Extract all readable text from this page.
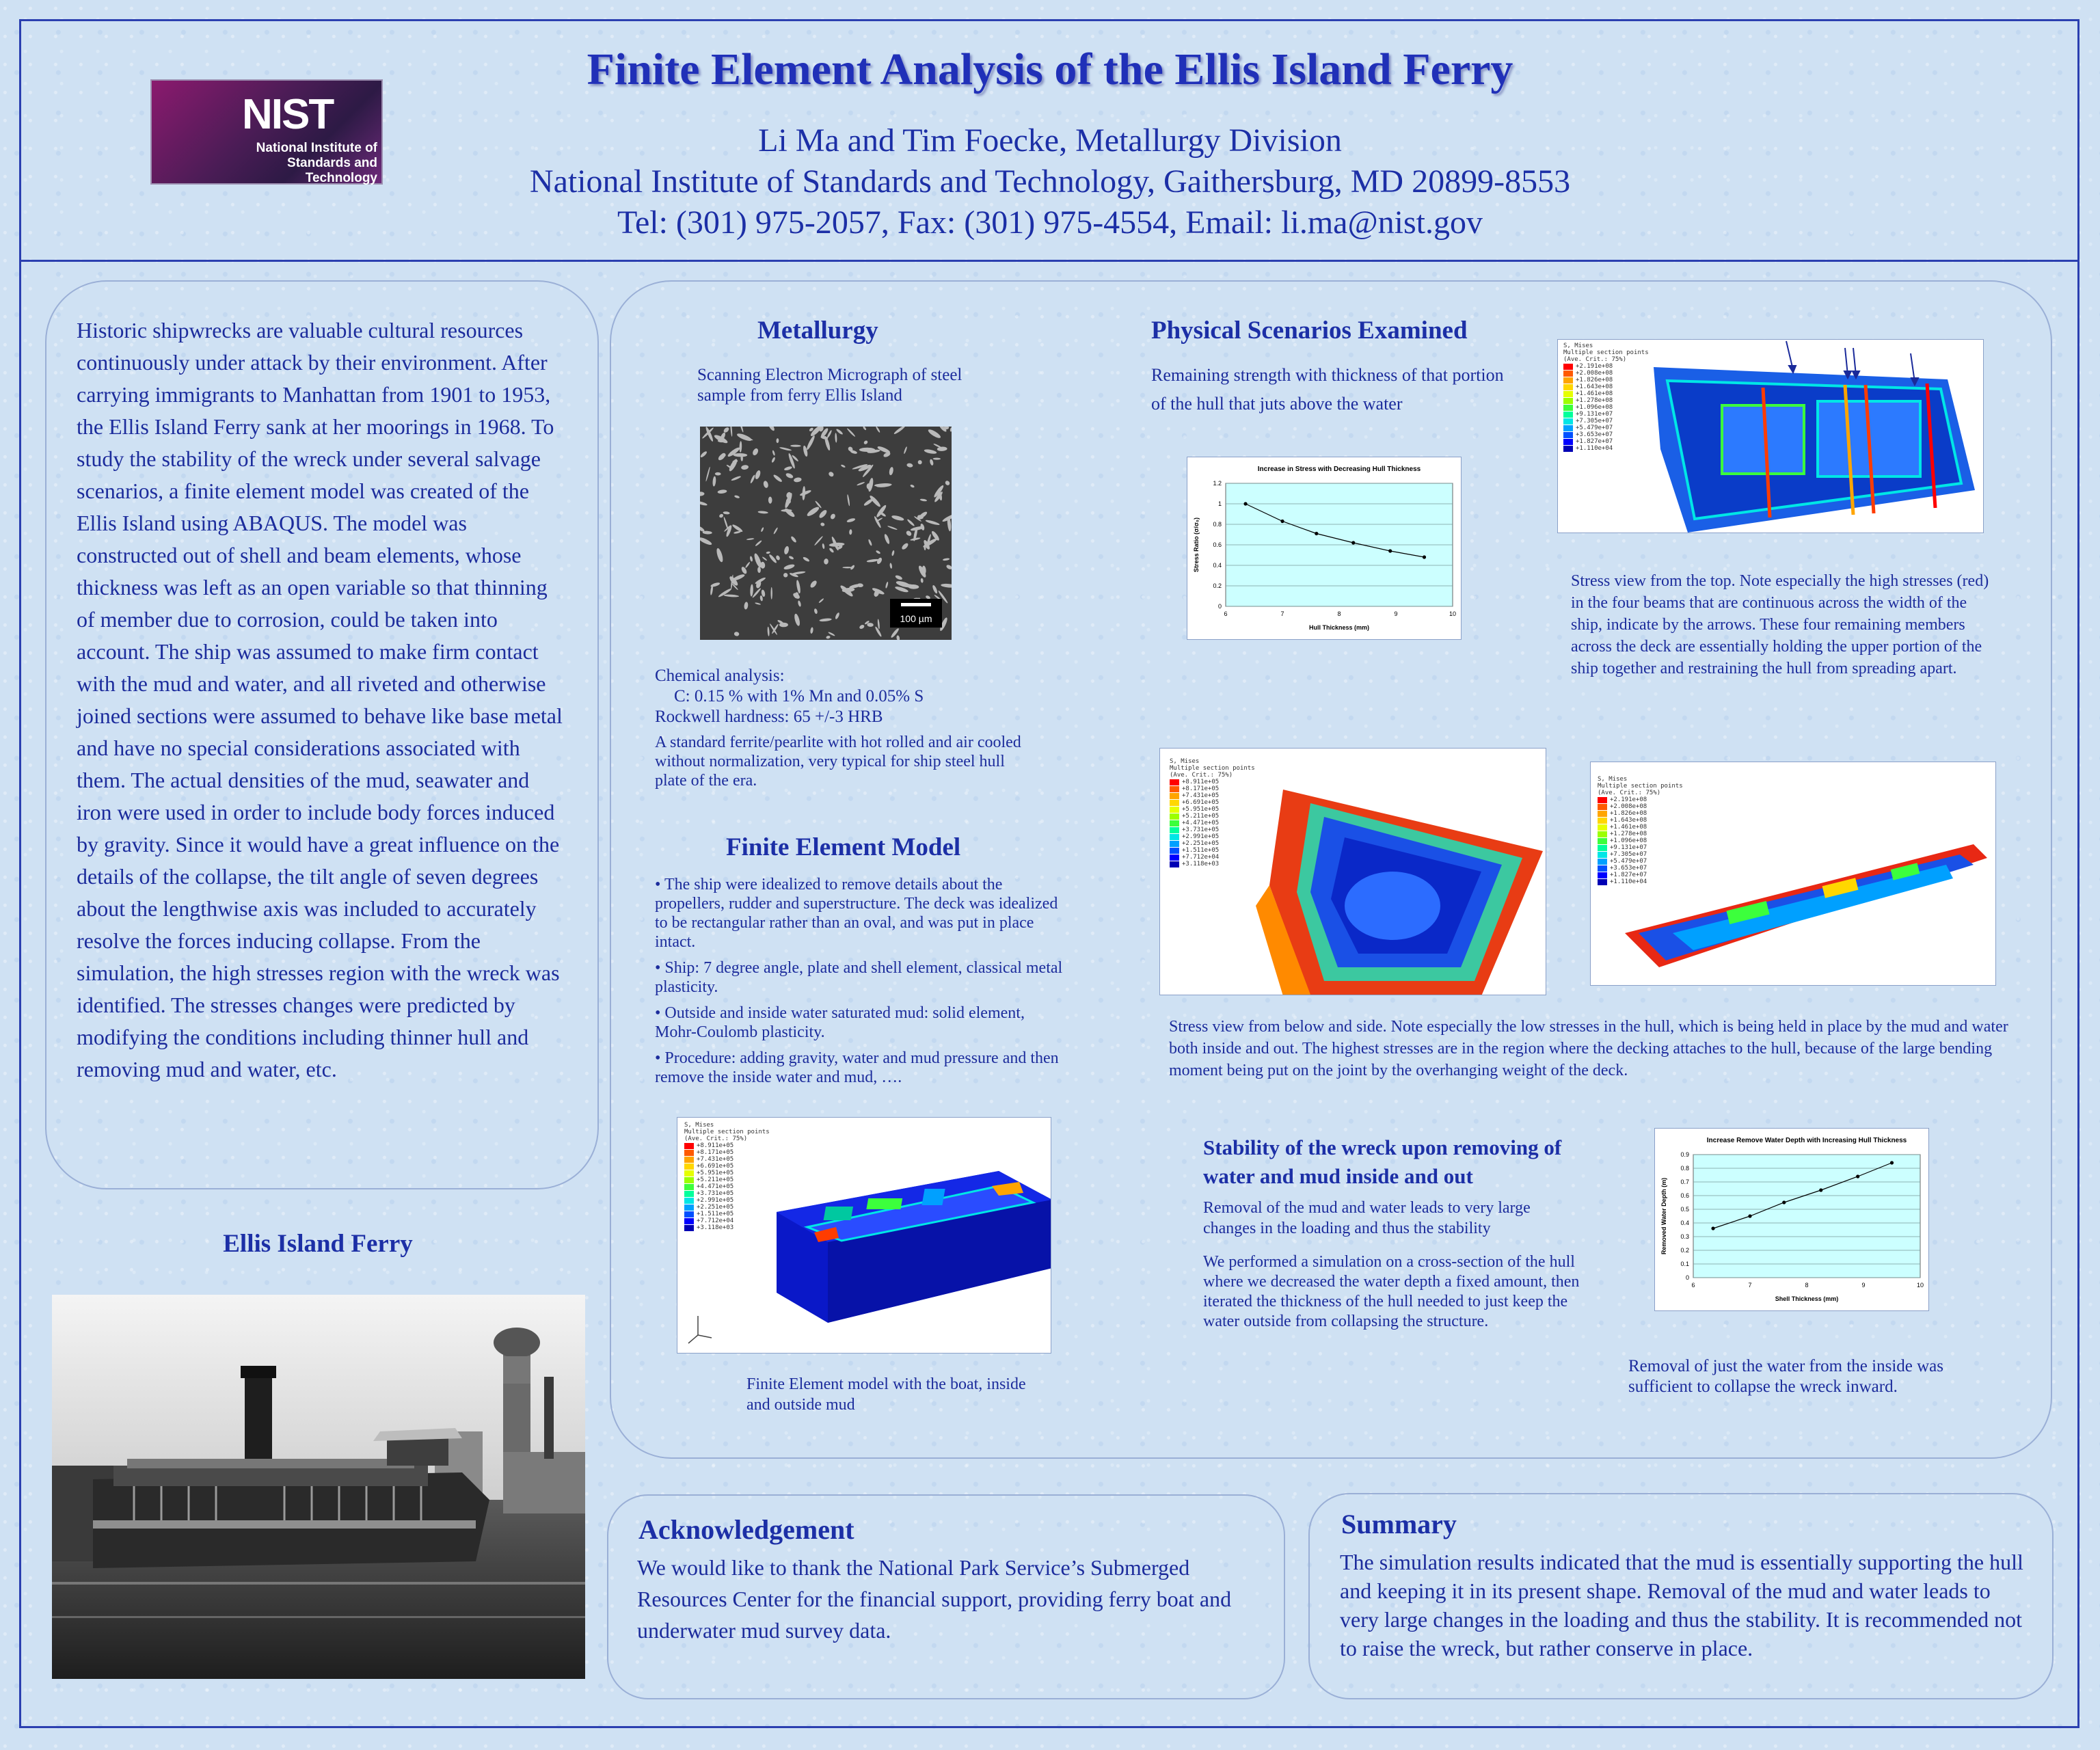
NIST
National Institute of Standards and Technology
Finite Element Analysis of the Ellis Island Ferry
Li Ma and Tim Foecke, Metallurgy Division
National Institute of Standards and Technology, Gaithersburg, MD 20899-8553
Tel: (301) 975-2057, Fax: (301) 975-4554, Email: li.ma@nist.gov
Historic shipwrecks are valuable cultural resources continuously under attack by their environment. After carrying immigrants to Manhattan from 1901 to 1953, the Ellis Island Ferry sank at her moorings in 1968. To study the stability of the wreck under several salvage scenarios, a finite element model was created of the Ellis Island using ABAQUS. The model was constructed out of shell and beam elements, whose thickness was left as an open variable so that thinning of member due to corrosion, could be taken into account. The ship was assumed to make firm contact with the mud and water, and all riveted and otherwise joined sections were assumed to behave like base metal and have no special considerations associated with them. The actual densities of the mud, seawater and iron were used in order to include body forces induced by gravity. Since it would have a great influence on the details of the collapse, the tilt angle of seven degrees about the lengthwise axis was included to accurately resolve the forces inducing collapse. From the simulation, the high stresses region with the wreck was identified. The stresses changes were predicted by modifying the conditions including thinner hull and removing mud and water, etc.
Ellis Island Ferry
Metallurgy
Scanning Electron Micrograph of steel sample from ferry Ellis Island
100 µm
Chemical analysis:
C: 0.15 % with 1% Mn and 0.05% S
Rockwell hardness: 65 +/-3 HRB
A standard ferrite/pearlite with hot rolled and air cooled without normalization, very typical for ship steel hull plate of the era.
Finite Element Model
• The ship were idealized to remove details about the propellers, rudder and superstructure. The deck was idealized to be rectangular rather than an oval, and was put in place intact.
• Ship: 7 degree angle, plate and shell element, classical metal plasticity.
• Outside and inside water saturated mud: solid element, Mohr-Coulomb plasticity.
• Procedure: adding gravity, water and mud pressure and then remove the inside water and mud, ….
S, Mises
Multiple section points
(Ave. Crit.: 75%)
+8.911e+05
+8.171e+05
+7.431e+05
+6.691e+05
+5.951e+05
+5.211e+05
+4.471e+05
+3.731e+05
+2.991e+05
+2.251e+05
+1.511e+05
+7.712e+04
+3.118e+03
Finite Element model with the boat, inside and outside mud
Physical Scenarios Examined
Remaining strength with thickness of that portion of the hull that juts above the water
0
0.2
0.4
0.6
0.8
1
1.2
6	7	8	9	10
Increase in Stress with Decreasing Hull Thickness
Hull Thickness (mm)
Stress Ratio (σ/σ₀)
S, Mises
Multiple section points
(Ave. Crit.: 75%)
+2.191e+08
+2.008e+08
+1.826e+08
+1.643e+08
+1.461e+08
+1.278e+08
+1.096e+08
+9.131e+07
+7.305e+07
+5.479e+07
+3.653e+07
+1.827e+07
+1.110e+04
Stress view from the top. Note especially the high stresses (red) in the four beams that are continuous across the width of the ship, indicate by the arrows. These four remaining members across the deck are essentially holding the upper portion of the ship together and restraining the hull from spreading apart.
S, Mises
Multiple section points
(Ave. Crit.: 75%)
+8.911e+05
+8.171e+05
+7.431e+05
+6.691e+05
+5.951e+05
+5.211e+05
+4.471e+05
+3.731e+05
+2.991e+05
+2.251e+05
+1.511e+05
+7.712e+04
+3.118e+03
S, Mises
Multiple section points
(Ave. Crit.: 75%)
+2.191e+08
+2.008e+08
+1.826e+08
+1.643e+08
+1.461e+08
+1.278e+08
+1.096e+08
+9.131e+07
+7.305e+07
+5.479e+07
+3.653e+07
+1.827e+07
+1.110e+04
Stress view from below and side. Note especially the low stresses in the hull, which is being held in place by the mud and water both inside and out. The highest stresses are in the region where the decking attaches to the hull, because of the large bending moment being put on the joint by the overhanging weight of the deck.
Stability of the wreck upon removing of water and mud inside and out
Removal of the mud and water leads to very large changes in the loading and thus the stability
We performed a simulation on a cross-section of the hull where we decreased the water depth a fixed amount, then iterated the thickness of the hull needed to just keep the water outside from collapsing the structure.
0
0.1
0.2
0.3
0.4
0.5
0.6
0.7
0.8
0.9
6	7	8	9	10
Increase Remove Water Depth with Increasing Hull Thickness
Shell Thickness (mm)
Removed Water Depth (m)
Removal of just the water from the inside was sufficient to collapse the wreck inward.
Acknowledgement
We would like to thank the National Park Service’s Submerged Resources Center for the financial support, providing ferry boat and underwater mud survey data.
Summary
The simulation results indicated that the mud is essentially supporting the hull and keeping it in its present shape. Removal of the mud and water leads to very large changes in the loading and thus the stability. It is recommended not to raise the wreck, but rather conserve in place.
